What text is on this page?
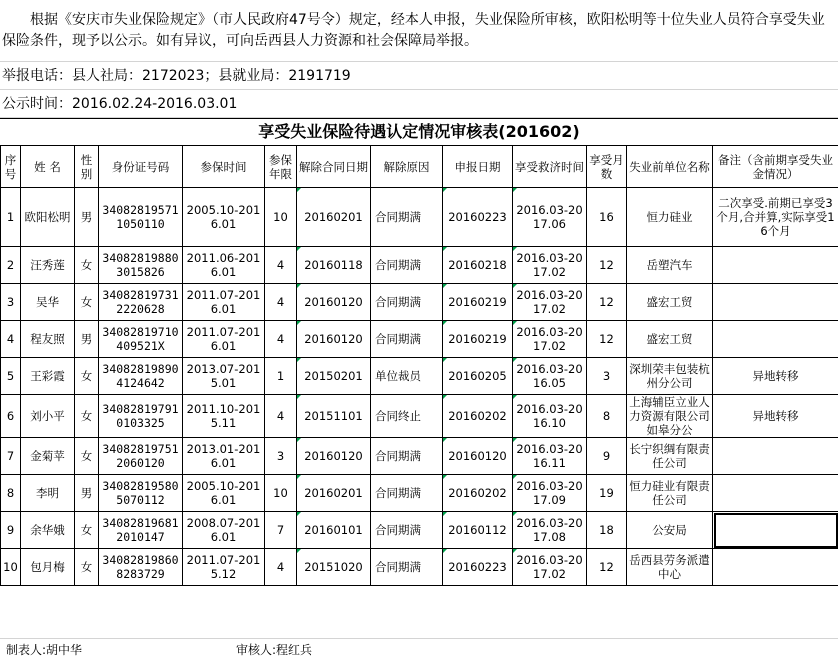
根据《安庆市失业保险规定》（市人民政府47号令）规定，经本人申报，失业保险所审核，欧阳松明等十位失业人员符合享受失业保险条件，现予以公示。如有异议，可向岳西县人力资源和社会保障局举报。
举报电话：县人社局：2172023；县就业局：2191719
公示时间：2016.02.24-2016.03.01
享受失业保险待遇认定情况审核表(201602)
序号	姓 名	性别	身份证号码	参保时间	参保年限	解除合同日期	解除原因	申报日期	享受救济时间	享受月数	失业前单位名称	备注（含前期享受失业金情况）
1	欧阳松明	男	340828195711050110	2005.10-2016.01	10	20160201	合同期满	20160223	2016.03-2017.06	16	恒力硅业	二次享受.前期已享受3个月,合并算,实际享受16个月
2	汪秀莲	女	340828198803015826	2011.06-2016.01	4	20160118	合同期满	20160218	2016.03-2017.02	12	岳塑汽车	
3	吴华	女	340828197312220628	2011.07-2016.01	4	20160120	合同期满	20160219	2016.03-2017.02	12	盛宏工贸	
4	程友照	男	34082819710409521X	2011.07-2016.01	4	20160120	合同期满	20160219	2016.03-2017.02	12	盛宏工贸	
5	王彩霞	女	340828198904124642	2013.07-2015.01	1	20150201	单位裁员	20160205	2016.03-2016.05	3	深圳荣丰包装杭州分公司	异地转移
6	刘小平	女	340828197910103325	2011.10-2015.11	4	20151101	合同终止	20160202	2016.03-2016.10	8	上海辅臣立业人力资源有限公司如皋分公	异地转移
7	金菊苹	女	340828197512060120	2013.01-2016.01	3	20160120	合同期满	20160120	2016.03-2016.11	9	长宁织绸有限责任公司	
8	李明	男	340828195805070112	2005.10-2016.01	10	20160201	合同期满	20160202	2016.03-2017.09	19	恒力硅业有限责任公司	
9	余华娥	女	340828196812010147	2008.07-2016.01	7	20160101	合同期满	20160112	2016.03-2017.08	18	公安局	
10	包月梅	女	340828198608283729	2011.07-2015.12	4	20151020	合同期满	20160223	2016.03-2017.02	12	岳西县劳务派遣中心	
制表人:胡中华	审核人:程红兵
